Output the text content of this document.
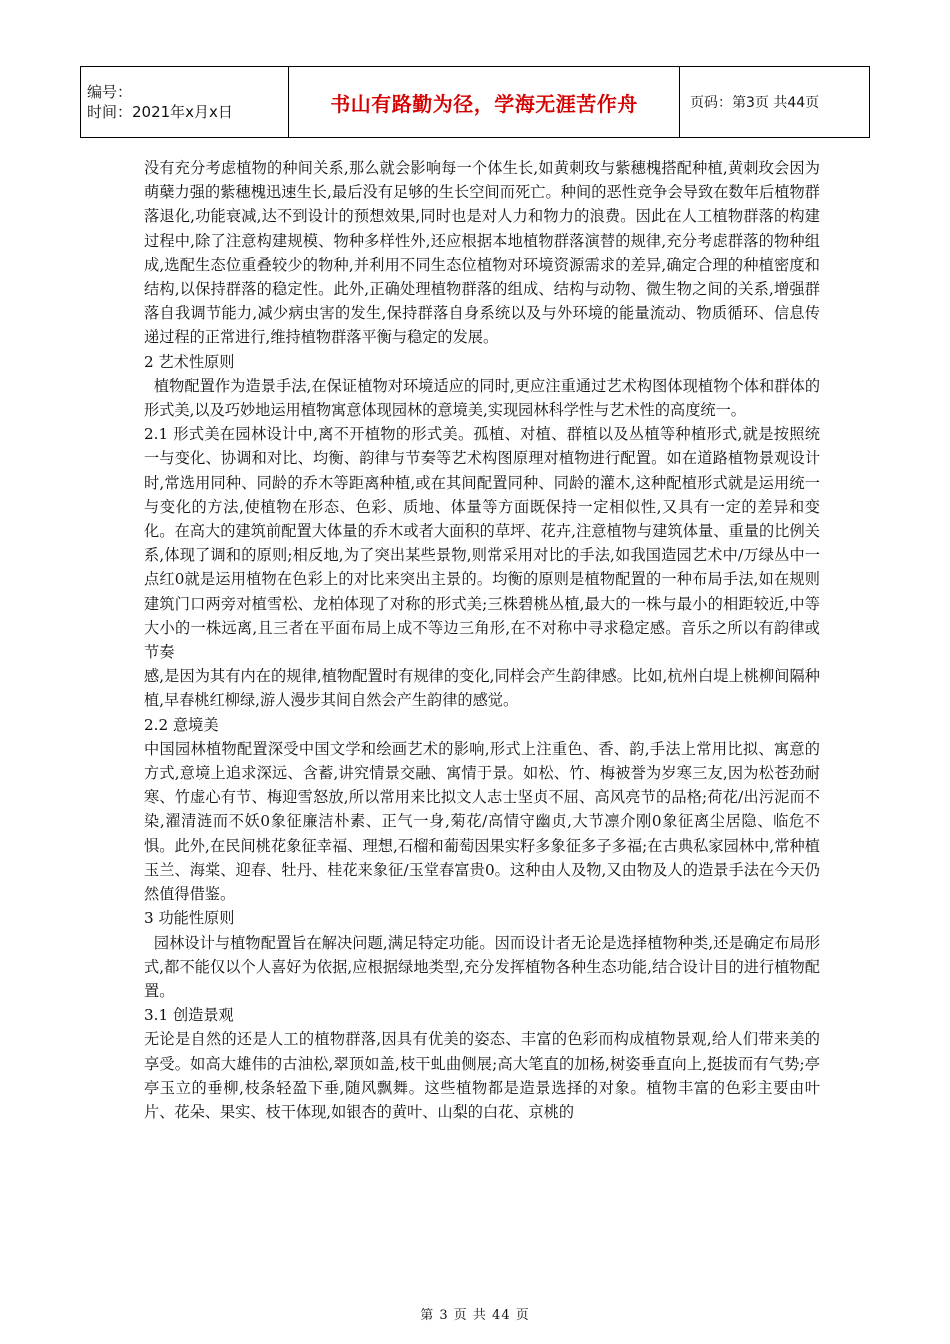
编号：
时间：2021年x月x日	书山有路勤为径，学海无涯苦作舟	页码：第3页 共44页

没有充分考虑植物的种间关系,那么就会影响每一个体生长,如黄刺玫与紫穗槐搭配种植,黄刺玫会因为萌蘖力强的紫穗槐迅速生长,最后没有足够的生长空间而死亡。种间的恶性竞争会导致在数年后植物群落退化,功能衰减,达不到设计的预想效果,同时也是对人力和物力的浪费。因此在人工植物群落的构建过程中,除了注意构建规模、物种多样性外,还应根据本地植物群落演替的规律,充分考虑群落的物种组成,选配生态位重叠较少的物种,并利用不同生态位植物对环境资源需求的差异,确定合理的种植密度和结构,以保持群落的稳定性。此外,正确处理植物群落的组成、结构与动物、微生物之间的关系,增强群落自我调节能力,减少病虫害的发生,保持群落自身系统以及与外环境的能量流动、物质循环、信息传递过程的正常进行,维持植物群落平衡与稳定的发展。

2 艺术性原则

植物配置作为造景手法,在保证植物对环境适应的同时,更应注重通过艺术构图体现植物个体和群体的形式美,以及巧妙地运用植物寓意体现园林的意境美,实现园林科学性与艺术性的高度统一。

2.1 形式美在园林设计中,离不开植物的形式美。孤植、对植、群植以及丛植等种植形式,就是按照统一与变化、协调和对比、均衡、韵律与节奏等艺术构图原理对植物进行配置。如在道路植物景观设计时,常选用同种、同龄的乔木等距离种植,或在其间配置同种、同龄的灌木,这种配植形式就是运用统一与变化的方法,使植物在形态、色彩、质地、体量等方面既保持一定相似性,又具有一定的差异和变化。在高大的建筑前配置大体量的乔木或者大面积的草坪、花卉,注意植物与建筑体量、重量的比例关系,体现了调和的原则;相反地,为了突出某些景物,则常采用对比的手法,如我国造园艺术中/万绿丛中一点红0就是运用植物在色彩上的对比来突出主景的。均衡的原则是植物配置的一种布局手法,如在规则建筑门口两旁对植雪松、龙柏体现了对称的形式美;三株碧桃丛植,最大的一株与最小的相距较近,中等大小的一株远离,且三者在平面布局上成不等边三角形,在不对称中寻求稳定感。音乐之所以有韵律或节奏

感,是因为其有内在的规律,植物配置时有规律的变化,同样会产生韵律感。比如,杭州白堤上桃柳间隔种植,早春桃红柳绿,游人漫步其间自然会产生韵律的感觉。

2.2 意境美

中国园林植物配置深受中国文学和绘画艺术的影响,形式上注重色、香、韵,手法上常用比拟、寓意的方式,意境上追求深远、含蓄,讲究情景交融、寓情于景。如松、竹、梅被誉为岁寒三友,因为松苍劲耐寒、竹虚心有节、梅迎雪怒放,所以常用来比拟文人志士坚贞不屈、高风亮节的品格;荷花/出污泥而不染,濯清涟而不妖0象征廉洁朴素、正气一身,菊花/高情守幽贞,大节凛介刚0象征离尘居隐、临危不惧。此外,在民间桃花象征幸福、理想,石榴和葡萄因果实籽多象征多子多福;在古典私家园林中,常种植玉兰、海棠、迎春、牡丹、桂花来象征/玉堂春富贵0。这种由人及物,又由物及人的造景手法在今天仍然值得借鉴。

3 功能性原则

园林设计与植物配置旨在解决问题,满足特定功能。因而设计者无论是选择植物种类,还是确定布局形式,都不能仅以个人喜好为依据,应根据绿地类型,充分发挥植物各种生态功能,结合设计目的进行植物配置。

3.1 创造景观

无论是自然的还是人工的植物群落,因具有优美的姿态、丰富的色彩而构成植物景观,给人们带来美的享受。如高大雄伟的古油松,翠顶如盖,枝干虬曲侧展;高大笔直的加杨,树姿垂直向上,挺拔而有气势;亭亭玉立的垂柳,枝条轻盈下垂,随风飘舞。这些植物都是造景选择的对象。植物丰富的色彩主要由叶片、花朵、果实、枝干体现,如银杏的黄叶、山梨的白花、京桃的

第 3 页 共 44 页
